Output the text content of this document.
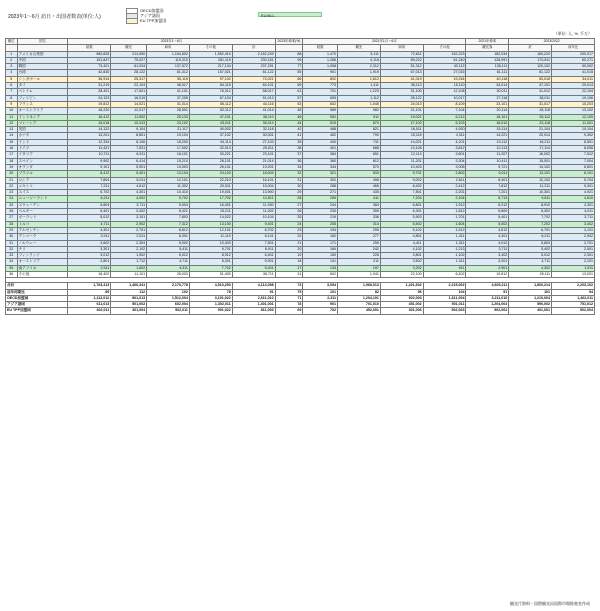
2023年1～6月 訪日・出国者数表(単位:人)
OECD加盟国
アジア諸国
EU TPP加盟国
EU/ALL
（単位: 人, %, 千万）
順位	国名	2023年1～6月					2023年伸率(%)	2021年1月～6月				2021年伸率	2023/2022	
		総数	観光	商用	その他	計		総数	観光	商用	その他	観光客	計	前年比
1	アメリカ合衆国	980,826	214,550	1,154,802	1,952,410	2,162,249	88	1,470	5,111	72,611	152,223	182,034	160,220	200,017
2	中国	151,847	75,027	119,310	281,119	230,151	95	1,286	4,118	89,222	61,240	128,991	170,811	60,271
3	韓国	73,421	61,034	137,572	217,134	237,291	77	1,058	2,312	51,312	40,112	136,111	120,102	50,092
4	台湾	42,830	28,122	81,312	157,021	81,122	55	901	1,919	67,013	27,015	61,111	81,122	41,015
5	シンガポール	36,914	25,317	50,119	97,102	74,021	66	802	1,612	41,019	19,244	40,118	53,018	34,011
6	タイ	31,219	22,104	46,017	84,115	64,101	59	773	1,411	36,113	15,110	34,014	47,101	29,014
7	ベトナム	28,401	17,601	41,101	76,312	58,017	61	701	1,223	31,100	12,108	30,011	41,012	22,104
8	フィリピン	24,123	16,019	37,205	67,104	51,013	57	655	1,112	28,122	10,017	27,118	38,011	19,106
9	フランス	19,812	14,021	31,014	56,112	44,116	53	602	1,045	24,013	8,109	23,101	31,017	15,203
10	オーストラリア	18,220	12,017	28,501	52,112	41,014	48	589	982	21,101	7,104	20,114	28,118	13,102
11	インドネシア	16,412	11,502	25,133	47,101	38,110	46	552	911	19,021	6,212	18,101	25,112	12,105
12	マレーシア	15,018	10,413	23,102	43,011	35,014	44	519	873	17,102	5,103	16,012	23,118	11,001
13	英国	14,122	9,104	21,117	40,002	32,118	42	488	821	16,011	4,920	15,114	21,104	10,104
14	カナダ	13,201	8,801	19,104	37,102	30,001	41	462	790	15,116	4,311	14,221	20,014	9,302
15	インド	12,334	8,106	18,200	34,114	27,103	39	430	731	14,021	4,101	13,112	18,211	8,501
16	ドイツ	11,421	7,531	17,002	32,013	25,011	38	401	688	13,108	3,812	12,113	17,114	8,006
17	イタリア	10,711	6,911	16,101	30,221	23,101	37	384	651	12,114	3,601	11,207	16,002	7,512
18	スペイン	9,902	6,414	15,210	28,101	21,014	36	360	612	11,201	3,304	10,411	15,001	7,004
19	オランダ	9,101	5,901	14,003	26,101	19,201	34	344	570	10,403	3,006	9,721	14,102	6,601
20	ブラジル	8,412	5,401	13,104	24,100	18,004	32	321	533	9,701	2,802	9,011	13,101	6,101
21	ロシア	7,804	5,011	12,101	22,210	16,101	31	302	498	9,002	2,611	8,401	12,102	5,704
22	メキシコ	7,211	4,612	11,302	20,511	15,004	30	288	466	8,402	2,412	7,812	11,211	5,301
23	スイス	6,702	4,301	10,410	19,001	13,900	29	271	435	7,801	2,201	7,201	10,301	4,921
24	ニュージーランド	6,211	4,002	9,702	17,702	12,811	28	259	411	7,204	2,104	6,713	9,611	4,610
25	スウェーデン	5,804	3,711	9,004	16,401	11,930	27	244	384	6,801	1,912	6,212	8,910	4,301
26	ベルギー	5,401	3,402	8,421	15,211	11,002	26	230	359	6,301	1,812	5,800	8,302	4,011
27	ポーランド	5,012	3,101	7,803	14,022	10,104	25	219	336	5,903	1,701	5,401	7,702	3,711
28	トルコ	4,711	2,902	7,312	13,100	9,401	24	205	314	5,502	1,604	5,002	7,202	3,402
29	アルゼンチン	4,301	2,701	6,812	12,101	8,702	23	194	295	5,102	1,512	4,612	6,701	3,101
30	デンマーク	3,911	2,511	6,301	11,110	8,101	22	182	277	4,801	1,411	4,301	6,211	2,902
31	ノルウェー	3,602	2,304	5,902	10,403	7,501	21	171	259	4,411	1,311	4,012	5,803	2,701
32	チリ	3,301	2,102	5,411	9,701	6,911	20	160	242	4,102	1,213	3,711	5,402	2,501
33	フィンランド	3,012	1,902	5,012	8,912	6,401	19	150	226	3,801	1,102	3,402	5,012	2,301
34	オーストリア	2,801	1,712	4,711	8,301	5,901	18	141	211	3,502	1,011	3,201	4,711	2,101
35	南アフリカ	2,511	1,602	4,311	7,702	5,401	17	133	197	3,202	911	2,901	4,302	1,911
36	その他	18,402	11,101	28,003	51,400	38,711	31	602	1,041	22,100	6,402	19,812	28,111	13,001

合計		1,763,413	1,466,341	2,170,778	4,510,253	4,114,098	73	3,094	1,968,013	1,421,602	2,215,002	4,603,211	1,800,214	2,203,102
前年同期比		89	112	102	78	91	75	101	82	96	104	91	101	94
OECD加盟国		1,112,012	801,013	1,512,004	3,101,022	2,611,010	71	2,311	1,204,101	922,003	1,611,004	3,211,010	1,210,004	1,402,011
アジア諸国		611,013	501,002	602,004	1,302,011	1,401,001	78	901	701,010	451,002	501,011	1,204,004	590,002	751,012
EU TPP加盟国		402,011	301,004	502,011	901,022	811,003	69	702	452,001	301,006	502,003	902,002	401,001	502,004
観光庁資料・国際観光局国際市場推進室作成
